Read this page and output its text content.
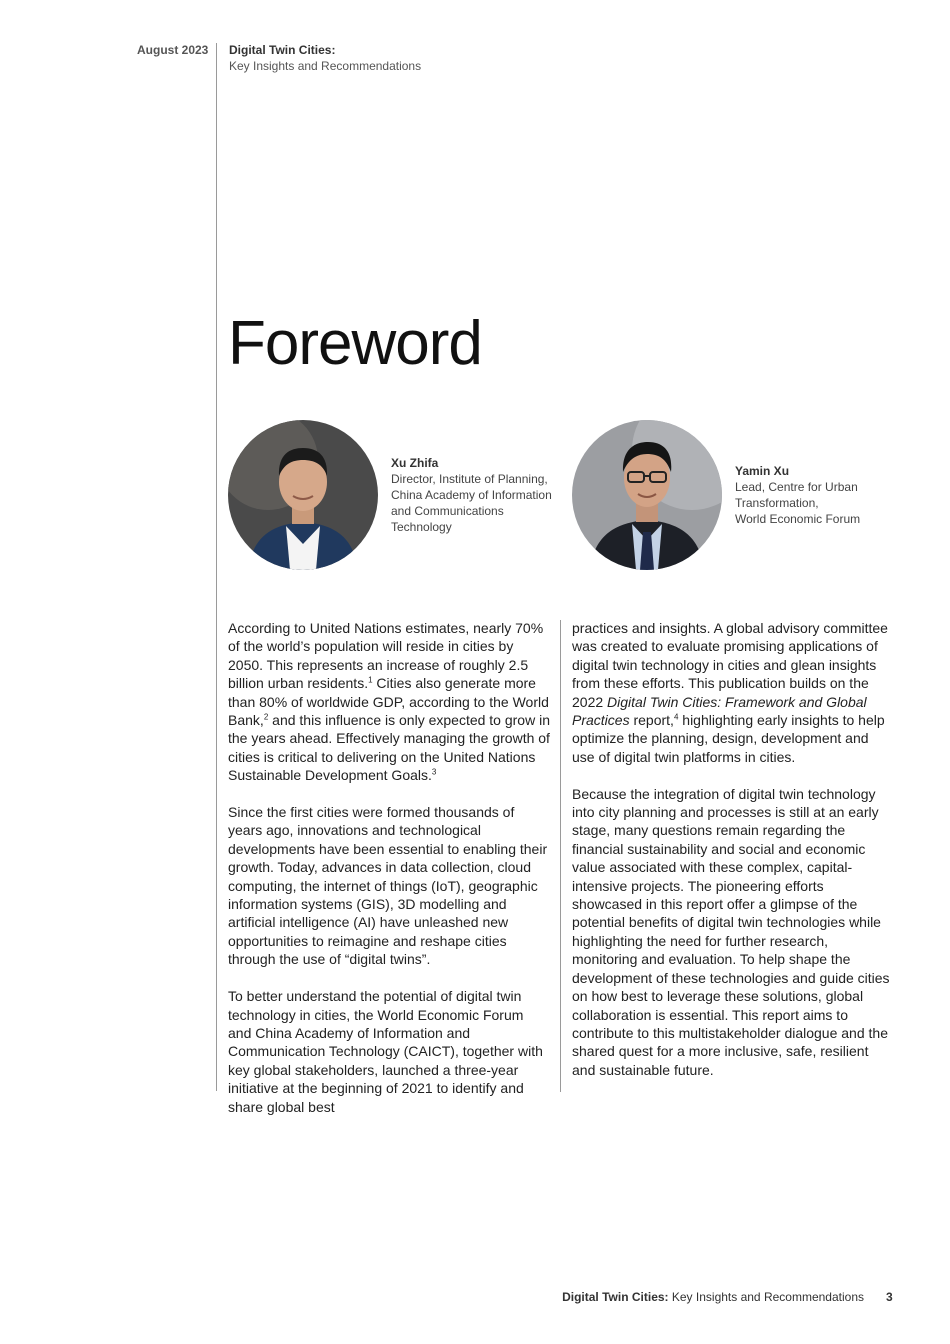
August 2023 Digital Twin Cities:
Key Insights and Recommendations
Foreword
Xu Zhifa
Director, Institute of Planning,
China Academy of Information
and Communications
Technology
Yamin Xu
Lead, Centre for Urban
Transformation,
World Economic Forum

According to United Nations estimates, nearly 70% of the world’s population will reside in cities by 2050. This represents an increase of roughly 2.5 billion urban residents.$^1$ Cities also generate more than 80% of worldwide GDP, according to the World Bank,$^2$ and this influence is only expected to grow in the years ahead. Effectively managing the growth of cities is critical to delivering on the United Nations Sustainable Development Goals.$^3$

Since the first cities were formed thousands of years ago, innovations and technological developments have been essential to enabling their growth. Today, advances in data collection, cloud computing, the internet of things (IoT), geographic information systems (GIS), 3D modelling and artificial intelligence (AI) have unleashed new opportunities to reimagine and reshape cities through the use of “digital twins”.

To better understand the potential of digital twin technology in cities, the World Economic Forum and China Academy of Information and Communication Technology (CAICT), together with key global stakeholders, launched a three-year initiative at the beginning of 2021 to identify and share global best

practices and insights. A global advisory committee was created to evaluate promising applications of digital twin technology in cities and glean insights from these efforts. This publication builds on the 2022 Digital Twin Cities: Framework and Global Practices report,$^4$ highlighting early insights to help optimize the planning, design, development and use of digital twin platforms in cities.

Because the integration of digital twin technology into city planning and processes is still at an early stage, many questions remain regarding the financial sustainability and social and economic value associated with these complex, capital-intensive projects. The pioneering efforts showcased in this report offer a glimpse of the potential benefits of digital twin technologies while highlighting the need for further research, monitoring and evaluation. To help shape the development of these technologies and guide cities on how best to leverage these solutions, global collaboration is essential. This report aims to contribute to this multistakeholder dialogue and the shared quest for a more inclusive, safe, resilient and sustainable future.

Digital Twin Cities: Key Insights and Recommendations 3
